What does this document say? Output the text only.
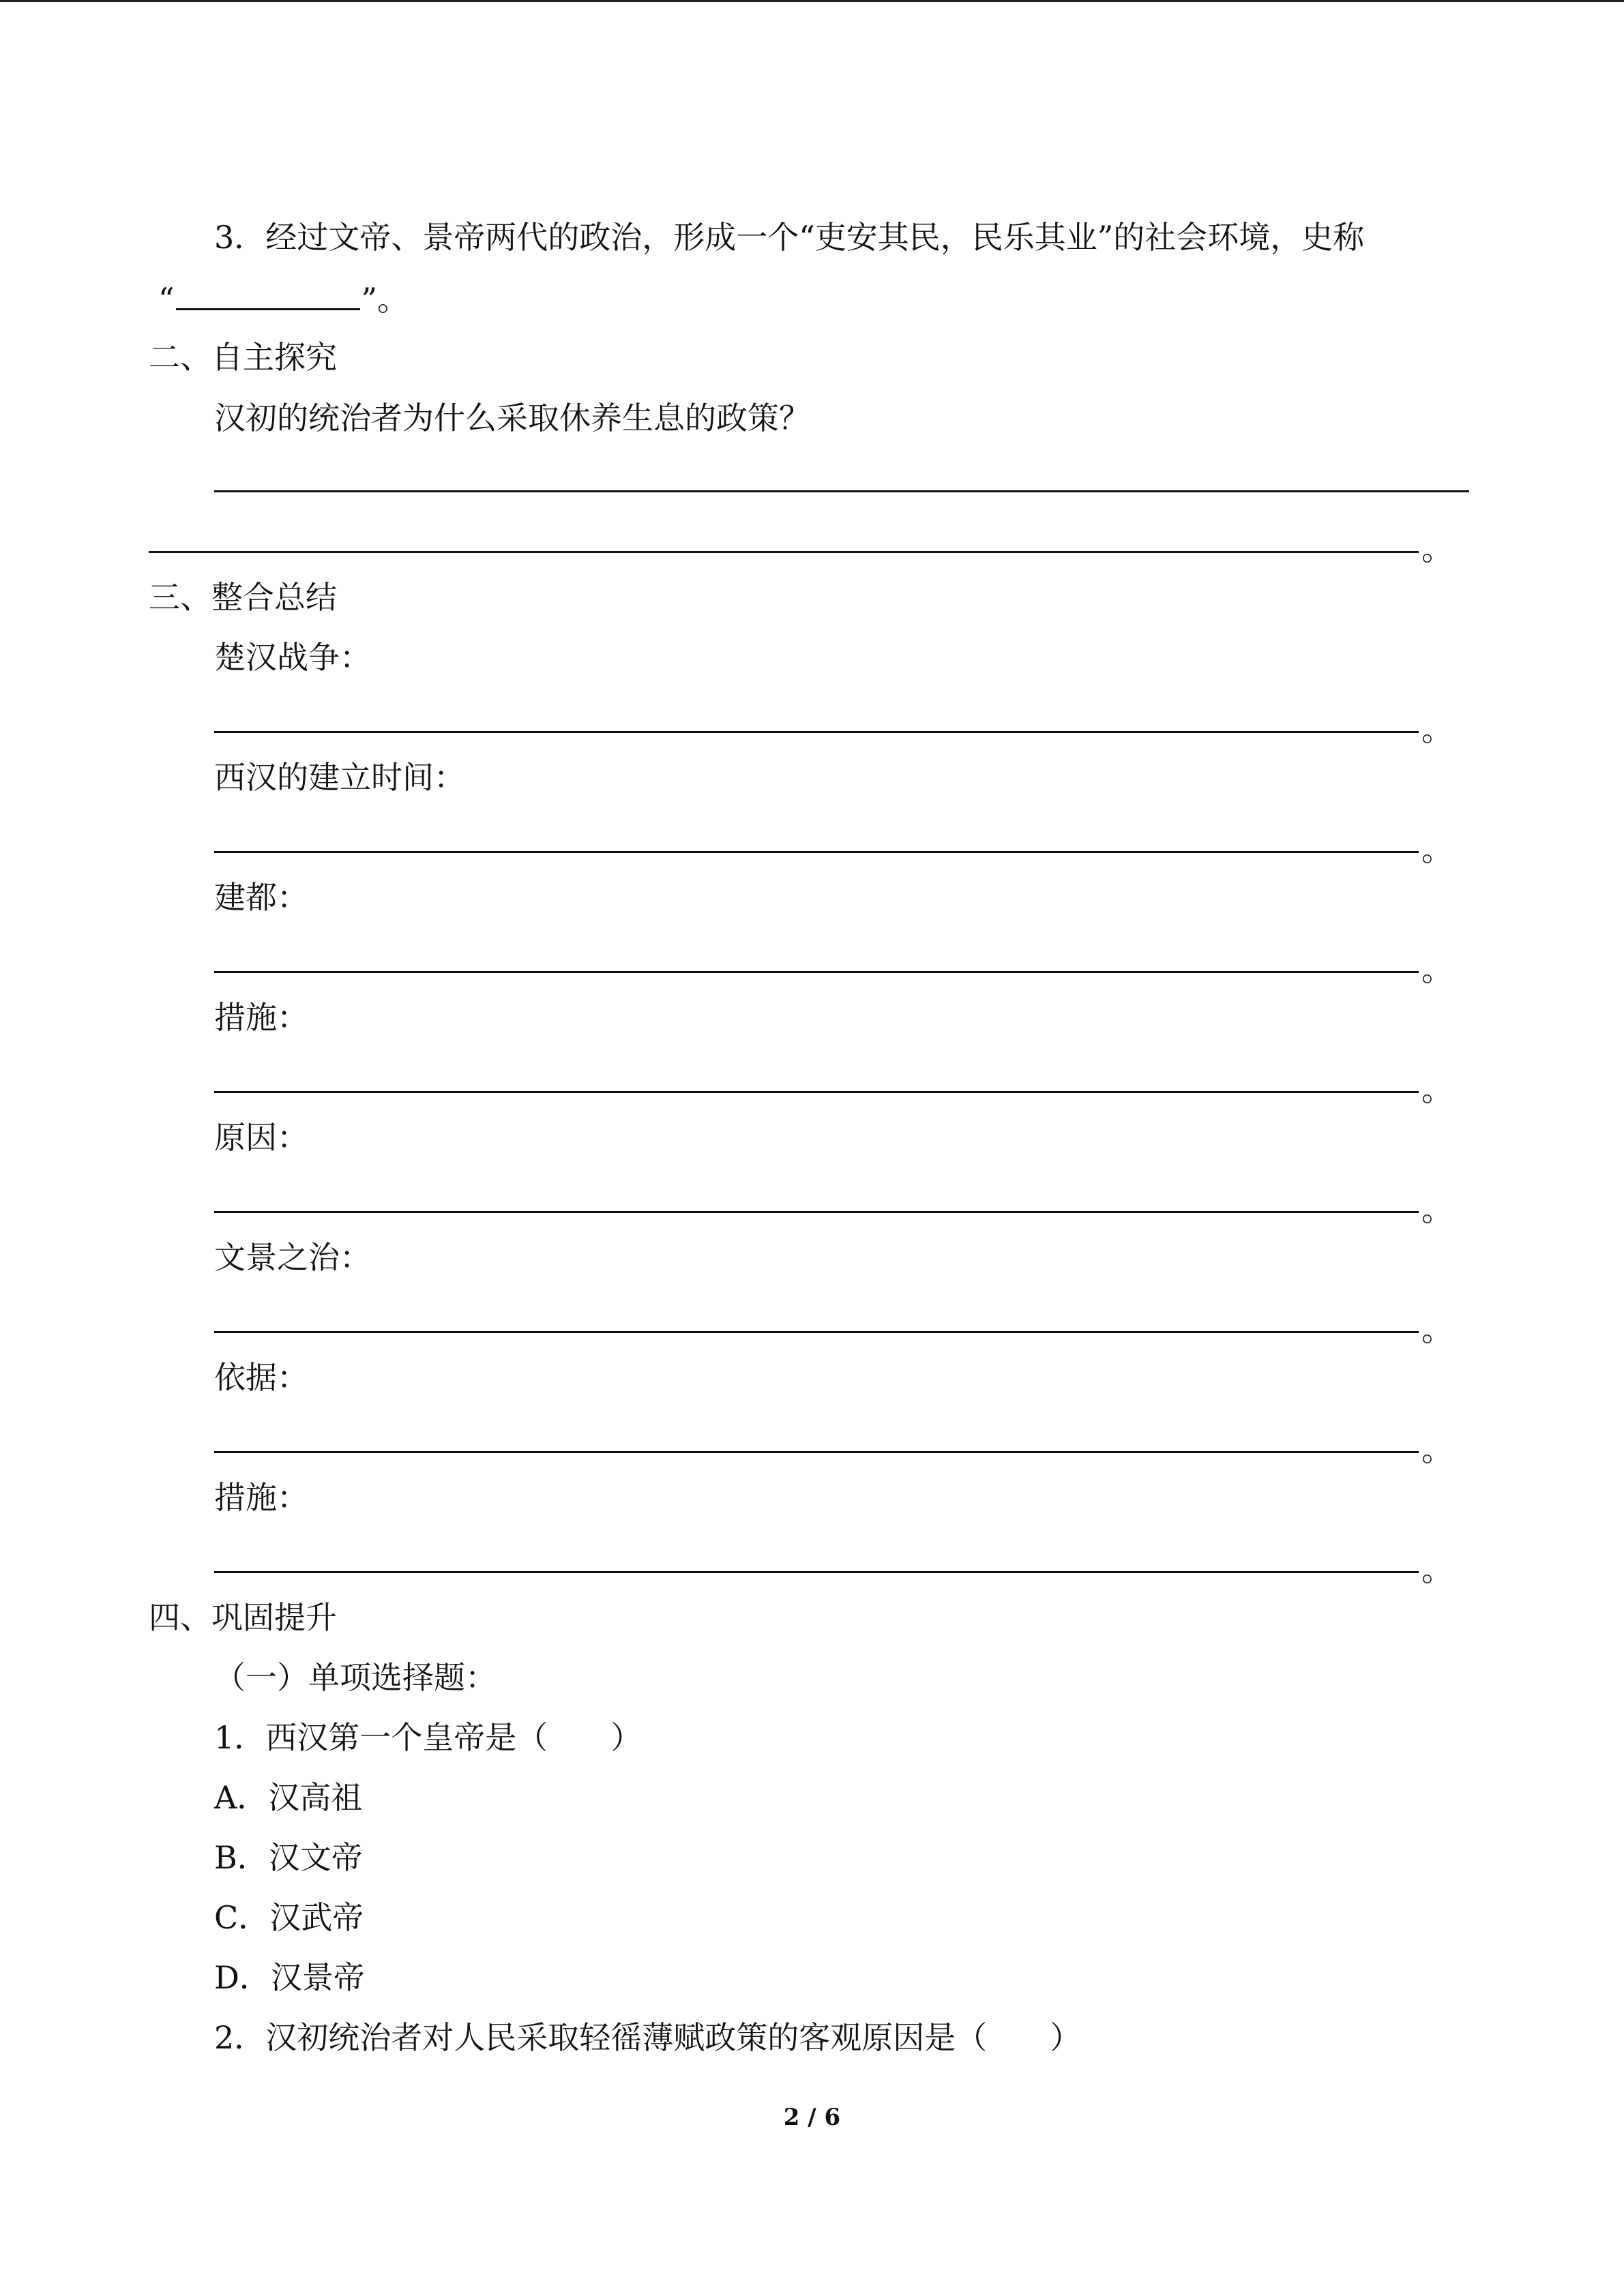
3．经过文帝、景帝两代的政治，形成一个“吏安其民，民乐其业”的社会环境，史称
“	”。
二、自主探究
汉初的统治者为什么采取休养生息的政策？
。
三、整合总结
楚汉战争：
。
西汉的建立时间：
。
建都：
。
措施：
。
原因：
。
文景之治：
。
依据：
。
措施：
。
四、巩固提升
（一）单项选择题：
1．西汉第一个皇帝是（　　）
A．汉高祖
B．汉文帝
C．汉武帝
D．汉景帝
2．汉初统治者对人民采取轻徭薄赋政策的客观原因是（　　）
2 / 6
